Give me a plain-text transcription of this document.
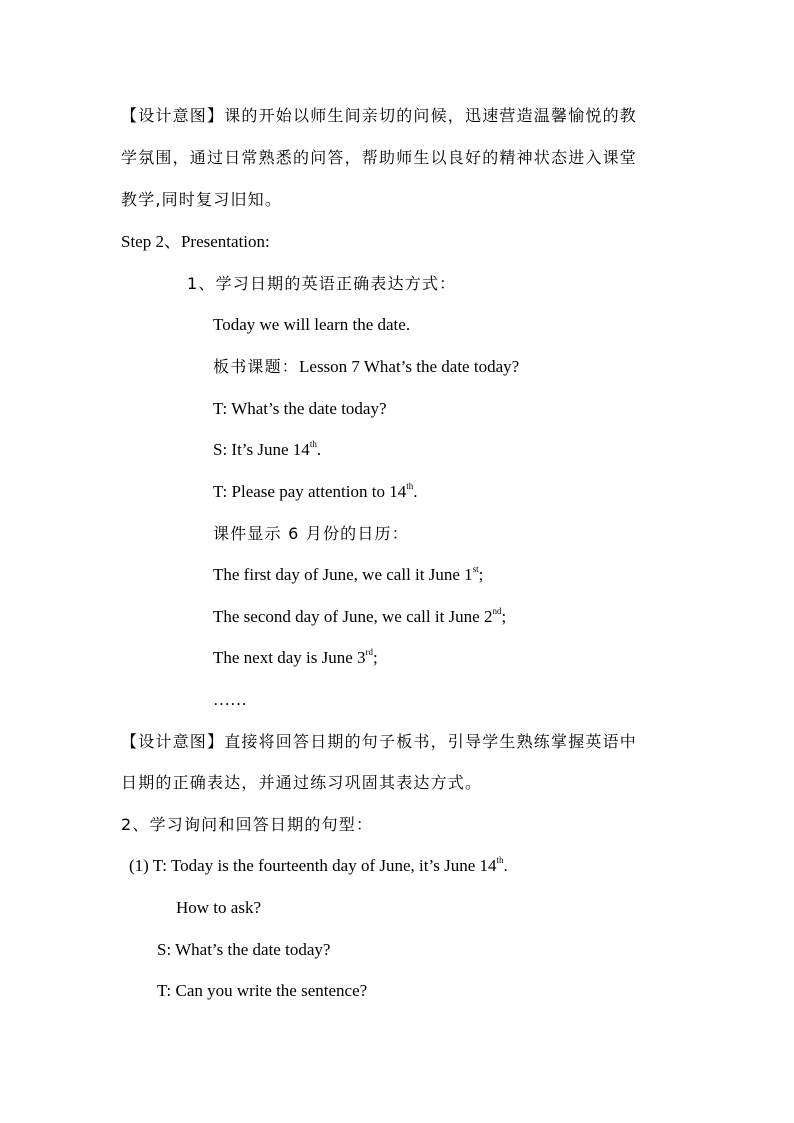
【设计意图】课的开始以师生间亲切的问候，迅速营造温馨愉悦的教
学氛围，通过日常熟悉的问答，帮助师生以良好的精神状态进入课堂
教学,同时复习旧知。
Step 2、Presentation:
1、学习日期的英语正确表达方式：
Today we will learn the date.
板书课题：Lesson 7 What’s the date today?
T: What’s the date today?
S: It’s June 14th.
T: Please pay attention to 14th.
课件显示 6 月份的日历：
The first day of June, we call it June 1st;
The second day of June, we call it June 2nd;
The next day is June 3rd;
……
【设计意图】直接将回答日期的句子板书，引导学生熟练掌握英语中
日期的正确表达，并通过练习巩固其表达方式。
2、学习询问和回答日期的句型：
(1) T: Today is the fourteenth day of June, it’s June 14th.
How to ask?
S: What’s the date today?
T: Can you write the sentence?
